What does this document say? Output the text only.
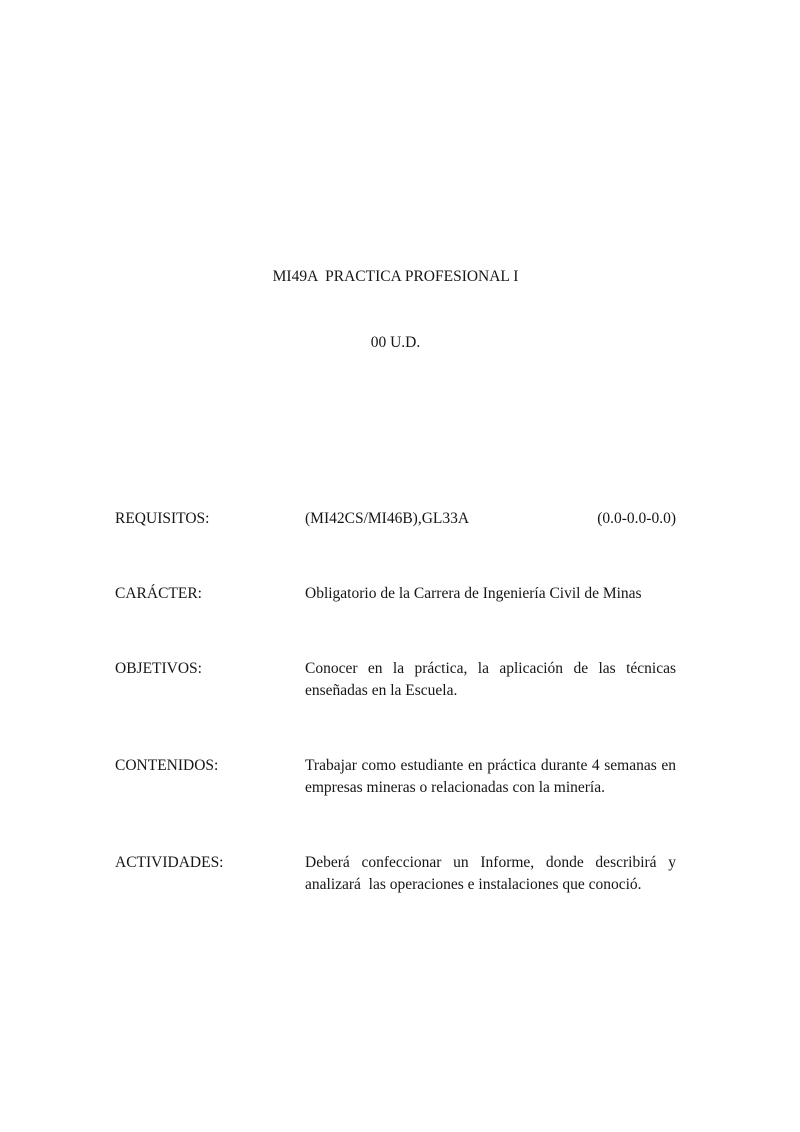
MI49A  PRACTICA PROFESIONAL I

00 U.D.

REQUISITOS:	(MI42CS/MI46B),GL33A	(0.0-0.0-0.0)
CARÁCTER:	Obligatorio de la Carrera de Ingeniería Civil de Minas
OBJETIVOS:	Conocer en la práctica, la aplicación de las técnicas enseñadas en la Escuela.
CONTENIDOS:	Trabajar como estudiante en práctica durante 4 semanas en empresas mineras o relacionadas con la minería.
ACTIVIDADES:	Deberá confeccionar un Informe, donde describirá y analizará  las operaciones e instalaciones que conoció.
